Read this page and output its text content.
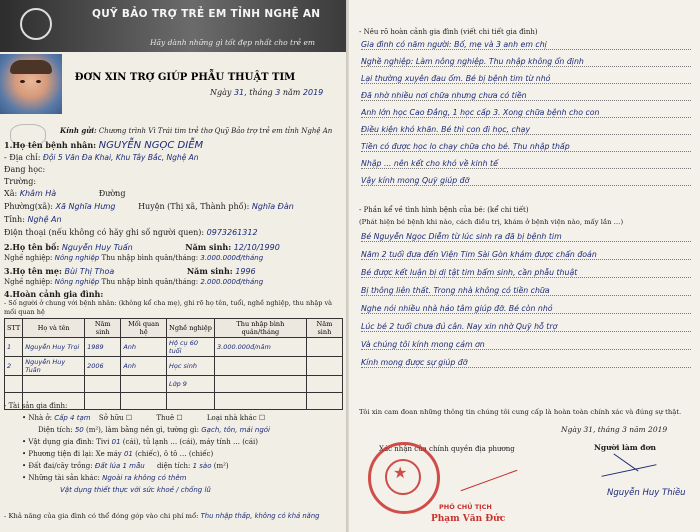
QUỸ BẢO TRỢ TRẺ EM TỈNH NGHỆ AN
Hãy dành những gì tốt đẹp nhất cho trẻ em
ĐƠN XIN TRỢ GIÚP PHẪU THUẬT TIM
Ngày 31, tháng 3 năm 2019
Kính gửi: Chương trình Vì Trái tim trẻ thơ Quỹ Bảo trợ trẻ em tỉnh Nghệ An
1.Họ tên bệnh nhân: NGUYỄN NGỌC DIỄM
- Địa chỉ: Đội 5 Văn Đa Khai, Khu Tây Bắc, Nghệ An
Đang học:
Trường:
Xã: Khâm Hà	Đường
Phường(xã): Xã Nghĩa Hưng	Huyện (Thị xã, Thành phố): Nghĩa Đàn
Tỉnh: Nghệ An
Điện thoại (nếu không có hãy ghi số người quen): 0973261312
2.Họ tên bố: Nguyễn Huy Tuấn	Năm sinh: 12/10/1990
Nghề nghiệp: Nông nghiệp Thu nhập bình quân/tháng: 3.000.000đ/tháng
3.Họ tên mẹ: Bùi Thị Thoa	Năm sinh: 1996
Nghề nghiệp: Nông nghiệp Thu nhập bình quân/tháng: 2.000.000đ/tháng
4.Hoàn cảnh gia đình:
- Số người ở chung với bệnh nhân: (không kể cha mẹ), ghi rõ họ tên, tuổi, nghề nghiệp, thu nhập và mối quan hệ
STT	Họ và tên	Năm sinh	Mối quan hệ	Nghề nghiệp	Thu nhập bình quân/tháng	Năm sinh
1	Nguyễn Huy Trọi	1989	Anh	Hộ cụ 60 tuổi	3.000.000đ/năm	
2	Nguyễn Huy Tuấn	2006	Anh	Học sinh		
				Lớp 9		

- Tài sản gia đình:
• Nhà ở: Cấp 4 tạm Sở hữu ☐	Thuê ☐	Loại nhà khác ☐
Diện tích: 50 (m²), làm bằng nền gì, tường gì: Gạch, tôn, mái ngói
• Vật dụng gia đình: Tivi 01 (cái), tủ lạnh … (cái), máy tính … (cái)
• Phương tiện đi lại: Xe máy 01 (chiếc), ô tô … (chiếc)
• Đất đai/cây trồng: Đất lúa 1 mẫu diện tích: 1 sào (m²)
• Những tài sản khác: Ngoài ra không có thêm
Vật dụng thiết thực với sức khoẻ / chống lũ
- Khả năng của gia đình có thể đóng góp vào chi phí mổ: Thu nhập thấp, không có khả năng
- Nêu rõ hoàn cảnh gia đình (viết chi tiết gia đình)
Gia đình có năm người: Bố, mẹ và 3 anh em chị
Nghề nghiệp: Làm nông nghiệp. Thu nhập không ổn định
Lại thường xuyên đau ốm. Bé bị bệnh tim từ nhỏ
Đã nhờ nhiều nơi chữa nhưng chưa có tiền
Anh lớn học Cao Đẳng, 1 học cấp 3. Xong chữa bệnh cho con
Điều kiện khó khăn. Bé thì con đi học, chạy
Tiền có được học lo chạy chữa cho bé. Thu nhập thấp
Nhập ... nên kết cho khó về kinh tế
Vậy kính mong Quỹ giúp đỡ
- Phần kể về tình hình bệnh của bé: (kể chi tiết)
(Phát hiện bé bệnh khi nào, cách điều trị, khám ở bệnh viện nào, mấy lần …)
Bé Nguyễn Ngọc Diễm từ lúc sinh ra đã bị bệnh tim
Năm 2 tuổi đưa đến Viện Tim Sài Gòn khám được chẩn đoán
Bé được kết luận bị dị tật tim bẩm sinh, cần phẫu thuật
Bị thông liên thất. Trong nhà không có tiền chữa
Nghe nói nhiều nhà hảo tâm giúp đỡ. Bé còn nhỏ
Lúc bé 2 tuổi chưa đủ cân. Nay xin nhờ Quỹ hỗ trợ
Và chúng tôi kính mong cảm ơn
Kính mong được sự giúp đỡ
Tôi xin cam đoan những thông tin chúng tôi cung cấp là hoàn toàn chính xác và đúng sự thật.
Ngày 31, tháng 3 năm 2019
Xác nhận của chính quyền địa phương	Người làm đơn
Nguyễn Huy Thiều
PHÓ CHỦ TỊCH
Phạm Văn Đức
★
